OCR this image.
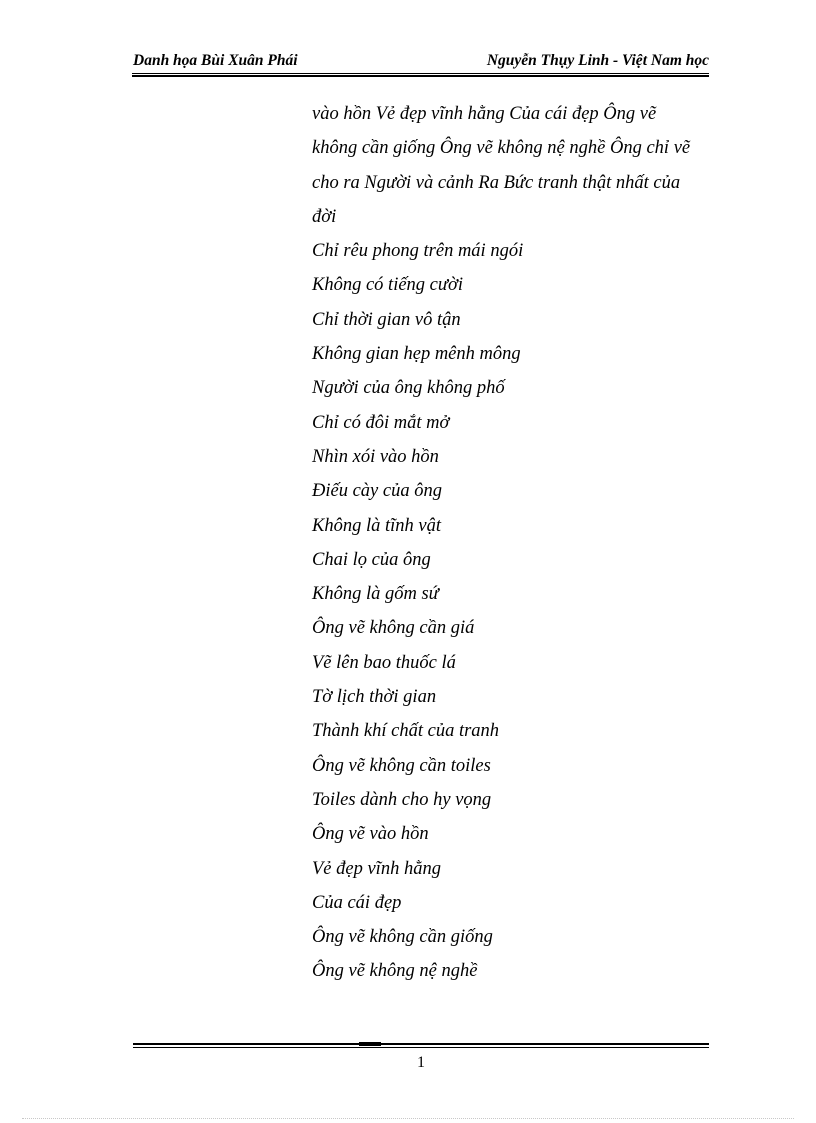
Danh họa Bùi Xuân Phái	Nguyễn Thụy Linh - Việt Nam học
vào hồn Vẻ đẹp vĩnh hằng Của cái đẹp Ông vẽ
không cần giống Ông vẽ không nệ nghề Ông chỉ vẽ
cho ra Người và cảnh Ra Bức tranh thật nhất của
đời
Chỉ rêu phong trên mái ngói
Không có tiếng cười
Chỉ thời gian vô tận
Không gian hẹp mênh mông
Người của ông không phố
Chỉ có đôi mắt mở
Nhìn xói vào hồn
Điếu cày của ông
Không là tĩnh vật
Chai lọ của ông
Không là gốm sứ
Ông vẽ không cần giá
Vẽ lên bao thuốc lá
Tờ lịch thời gian
Thành khí chất của tranh
Ông vẽ không cần toiles
Toiles dành cho hy vọng
Ông vẽ vào hồn
Vẻ đẹp vĩnh hằng
Của cái đẹp
Ông vẽ không cần giống
Ông vẽ không nệ nghề
1
